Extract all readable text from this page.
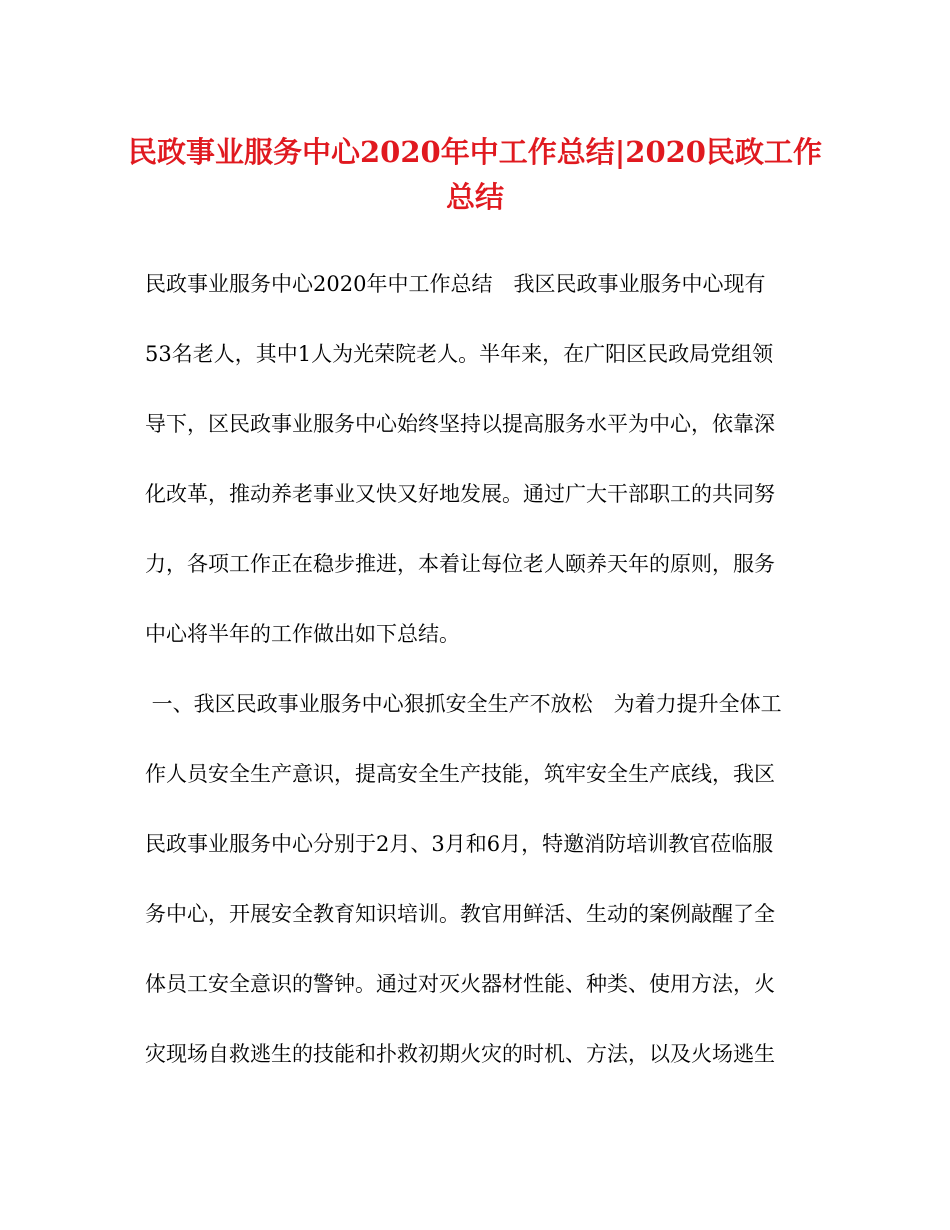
民政事业服务中心2020年中工作总结|2020民政工作
总结

民政事业服务中心2020年中工作总结　我区民政事业服务中心现有

53名老人，其中1人为光荣院老人。半年来，在广阳区民政局党组领

导下，区民政事业服务中心始终坚持以提高服务水平为中心，依靠深

化改革，推动养老事业又快又好地发展。通过广大干部职工的共同努

力，各项工作正在稳步推进，本着让每位老人颐养天年的原则，服务

中心将半年的工作做出如下总结。

一、我区民政事业服务中心狠抓安全生产不放松　为着力提升全体工

作人员安全生产意识，提高安全生产技能，筑牢安全生产底线，我区

民政事业服务中心分别于2月、3月和6月，特邀消防培训教官莅临服

务中心，开展安全教育知识培训。教官用鲜活、生动的案例敲醒了全

体员工安全意识的警钟。通过对灭火器材性能、种类、使用方法，火

灾现场自救逃生的技能和扑救初期火灾的时机、方法，以及火场逃生
